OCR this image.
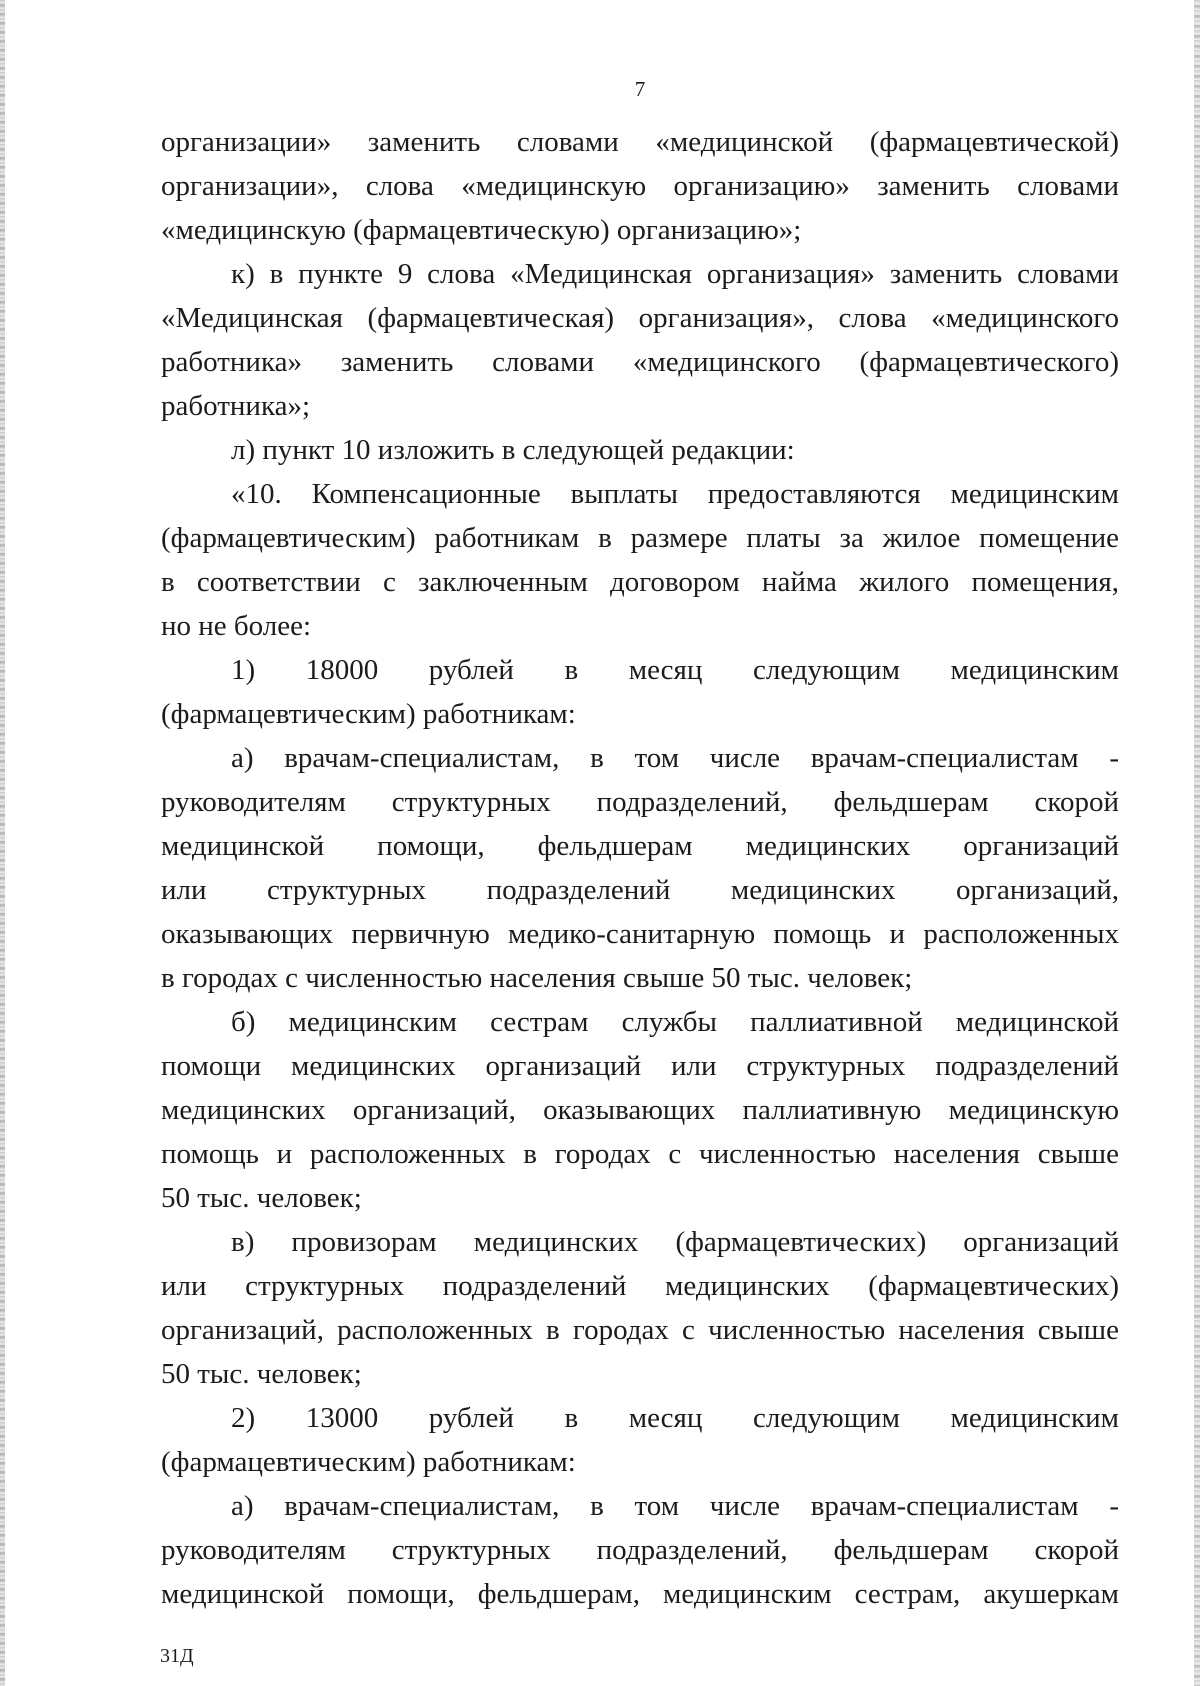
7
организации» заменить словами «медицинской (фармацевтической)
организации», слова «медицинскую организацию» заменить словами
«медицинскую (фармацевтическую) организацию»;
к) в пункте 9 слова «Медицинская организация» заменить словами
«Медицинская (фармацевтическая) организация», слова «медицинского
работника» заменить словами «медицинского (фармацевтического)
работника»;
л) пункт 10 изложить в следующей редакции:
«10. Компенсационные выплаты предоставляются медицинским
(фармацевтическим) работникам в размере платы за жилое помещение
в соответствии с заключенным договором найма жилого помещения,
но не более:
1) 18000 рублей в месяц следующим медицинским
(фармацевтическим) работникам:
а) врачам-специалистам, в том числе врачам-специалистам -
руководителям структурных подразделений, фельдшерам скорой
медицинской помощи, фельдшерам медицинских организаций
или структурных подразделений медицинских организаций,
оказывающих первичную медико-санитарную помощь и расположенных
в городах с численностью населения свыше 50 тыс. человек;
б) медицинским сестрам службы паллиативной медицинской
помощи медицинских организаций или структурных подразделений
медицинских организаций, оказывающих паллиативную медицинскую
помощь и расположенных в городах с численностью населения свыше
50 тыс. человек;
в) провизорам медицинских (фармацевтических) организаций
или структурных подразделений медицинских (фармацевтических)
организаций, расположенных в городах с численностью населения свыше
50 тыс. человек;
2) 13000 рублей в месяц следующим медицинским
(фармацевтическим) работникам:
а) врачам-специалистам, в том числе врачам-специалистам -
руководителям структурных подразделений, фельдшерам скорой
медицинской помощи, фельдшерам, медицинским сестрам, акушеркам
31Д
